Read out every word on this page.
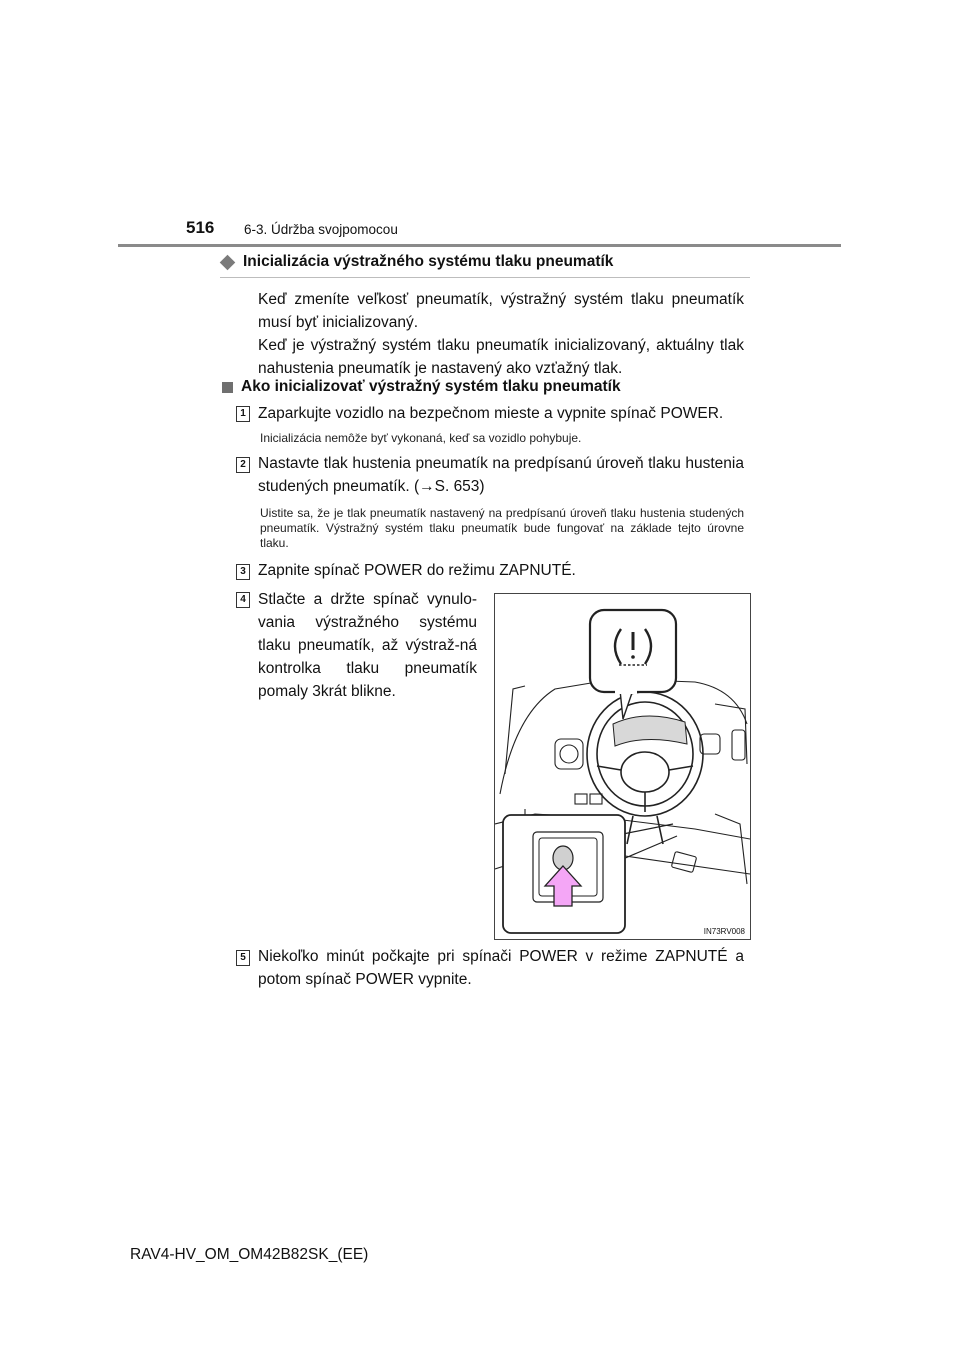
516 6-3. Údržba svojpomocou
Inicializácia výstražného systému tlaku pneumatík

Keď zmeníte veľkosť pneumatík, výstražný systém tlaku pneumatík musí byť inicializovaný.

Keď je výstražný systém tlaku pneumatík inicializovaný, aktuálny tlak nahustenia pneumatík je nastavený ako vzťažný tlak.

Ako inicializovať výstražný systém tlaku pneumatík
1 Zaparkujte vozidlo na bezpečnom mieste a vypnite spínač POWER.
Inicializácia nemôže byť vykonaná, keď sa vozidlo pohybuje.
2 Nastavte tlak hustenia pneumatík na predpísanú úroveň tlaku hustenia studených pneumatík. (→S. 653)
Uistite sa, že je tlak pneumatík nastavený na predpísanú úroveň tlaku hustenia studených pneumatík. Výstražný systém tlaku pneumatík bude fungovať na základe tejto úrovne tlaku.
3 Zapnite spínač POWER do režimu ZAPNUTÉ.
4 Stlačte a držte spínač vynulo-vania výstražného systému tlaku pneumatík, až výstraž-ná kontrolka tlaku pneumatík pomaly 3krát blikne.
IN73RV008
5 Niekoľko minút počkajte pri spínači POWER v režime ZAPNUTÉ a potom spínač POWER vypnite.
RAV4-HV_OM_OM42B82SK_(EE)
